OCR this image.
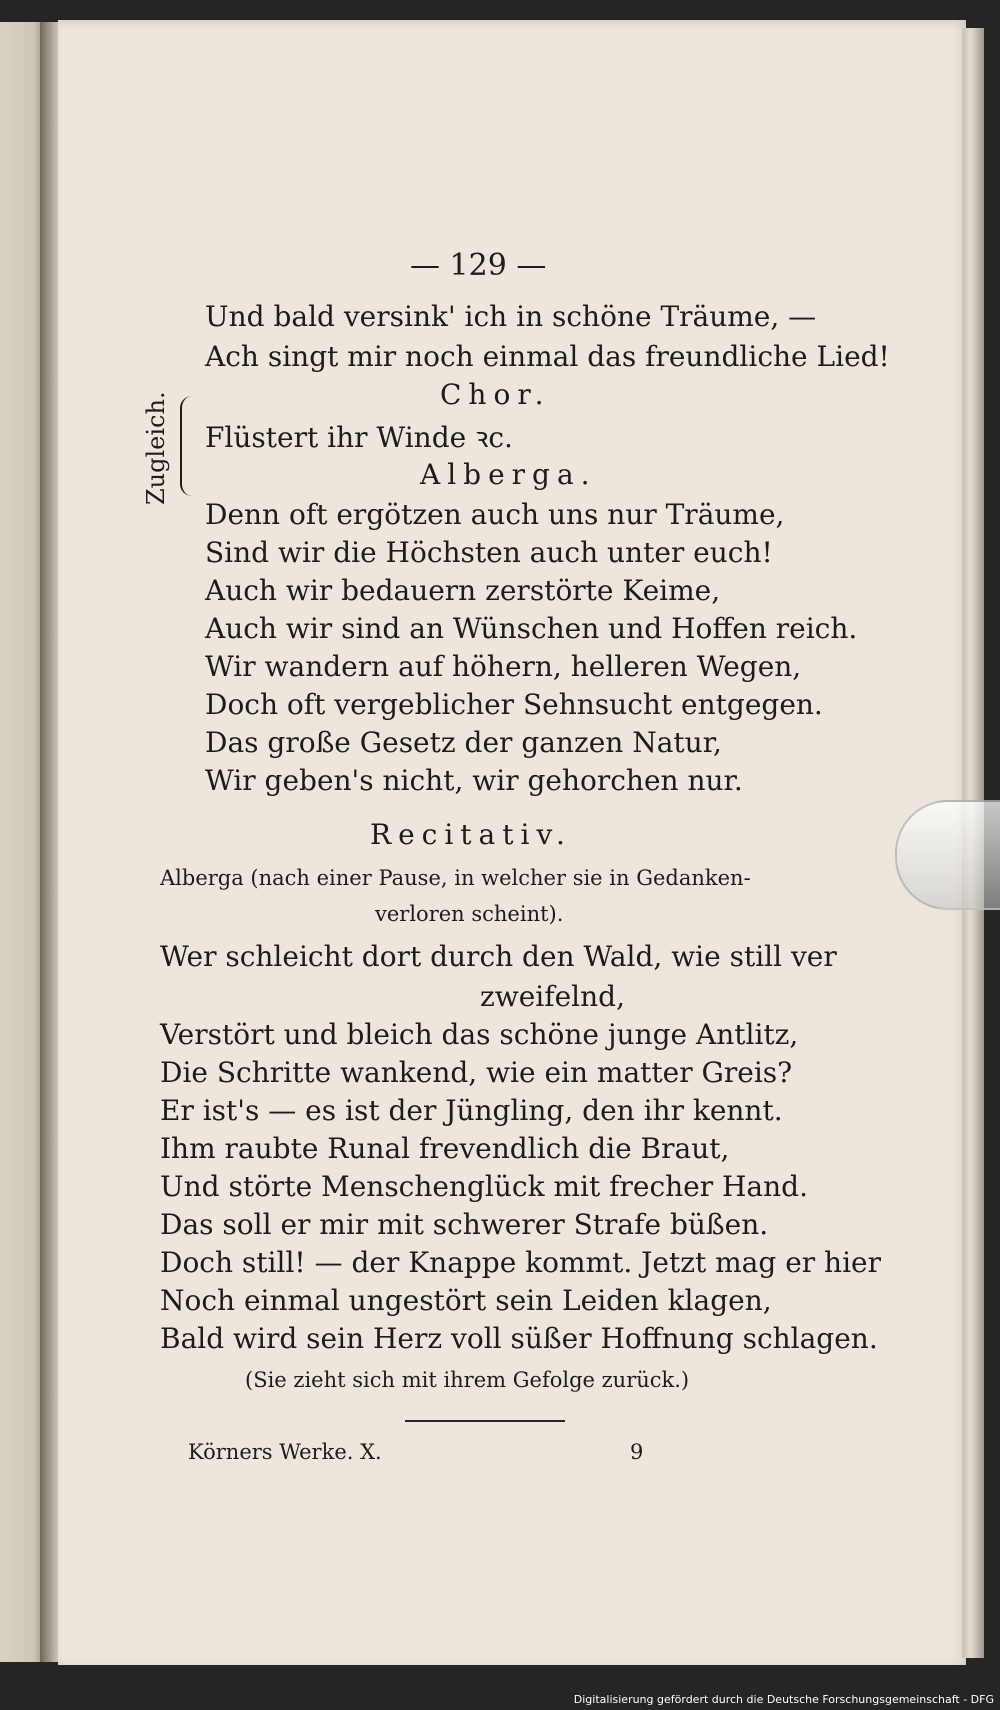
— 129 —
Und bald versink' ich in schöne Träume, —
Ach singt mir noch einmal das freundliche Lied!
Chor.
Zugleich. Flüstert ihr Winde ꝛc.
Alberga.
Denn oft ergötzen auch uns nur Träume,
Sind wir die Höchsten auch unter euch!
Auch wir bedauern zerstörte Keime,
Auch wir sind an Wünschen und Hoffen reich.
Wir wandern auf höhern, helleren Wegen,
Doch oft vergeblicher Sehnsucht entgegen.
Das große Gesetz der ganzen Natur,
Wir geben's nicht, wir gehorchen nur.
Recitativ.
Alberga (nach einer Pause, in welcher sie in Gedanken-
verloren scheint).
Wer schleicht dort durch den Wald, wie still ver
zweifelnd,
Verstört und bleich das schöne junge Antlitz,
Die Schritte wankend, wie ein matter Greis?
Er ist's — es ist der Jüngling, den ihr kennt.
Ihm raubte Runal frevendlich die Braut,
Und störte Menschenglück mit frecher Hand.
Das soll er mir mit schwerer Strafe büßen.
Doch still! — der Knappe kommt. Jetzt mag er hier
Noch einmal ungestört sein Leiden klagen,
Bald wird sein Herz voll süßer Hoffnung schlagen.
(Sie zieht sich mit ihrem Gefolge zurück.)
Körners Werke. X.	9
Digitalisierung gefördert durch die Deutsche Forschungsgemeinschaft - DFG
